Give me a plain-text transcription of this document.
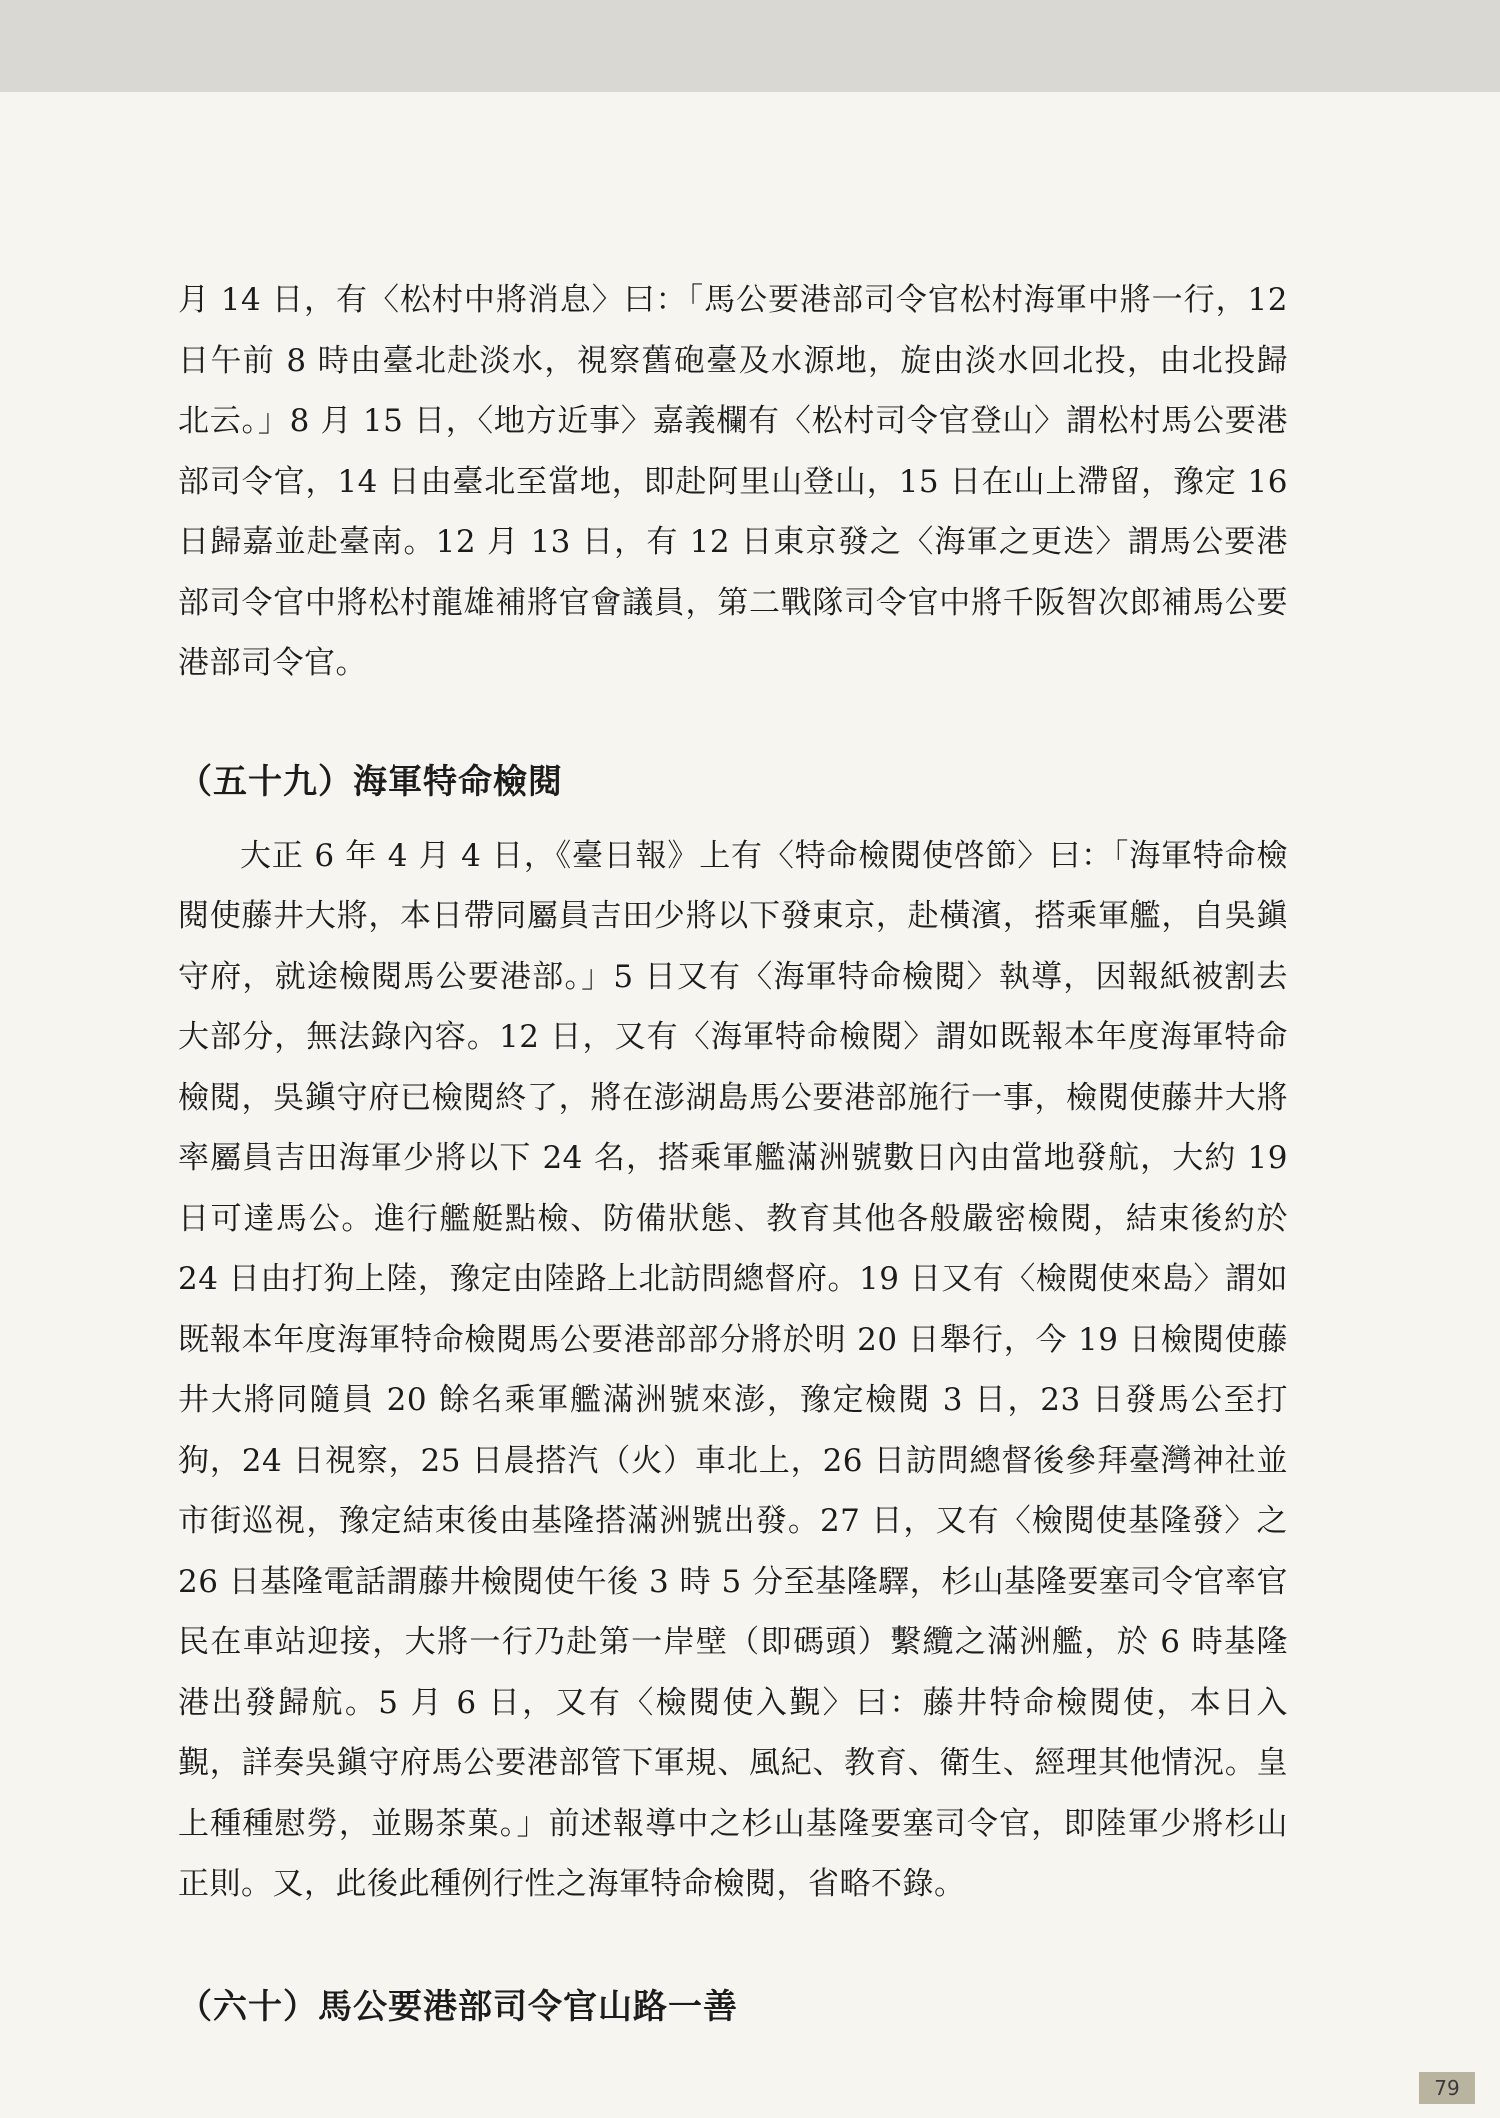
月 14 日，有〈松村中將消息〉曰：「馬公要港部司令官松村海軍中將一行，12 日午前 8 時由臺北赴淡水，視察舊砲臺及水源地，旋由淡水回北投，由北投歸北云。」8 月 15 日，〈地方近事〉嘉義欄有〈松村司令官登山〉謂松村馬公要港部司令官，14 日由臺北至當地，即赴阿里山登山，15 日在山上滯留，豫定 16 日歸嘉並赴臺南。12 月 13 日，有 12 日東京發之〈海軍之更迭〉謂馬公要港部司令官中將松村龍雄補將官會議員，第二戰隊司令官中將千阪智次郎補馬公要港部司令官。

（五十九）海軍特命檢閱

大正 6 年 4 月 4 日，《臺日報》上有〈特命檢閱使啓節〉曰：「海軍特命檢閱使藤井大將，本日帶同屬員吉田少將以下發東京，赴橫濱，搭乘軍艦，自吳鎭守府，就途檢閱馬公要港部。」5 日又有〈海軍特命檢閱〉執導，因報紙被割去大部分，無法錄內容。12 日，又有〈海軍特命檢閱〉謂如既報本年度海軍特命檢閱，吳鎭守府已檢閱終了，將在澎湖島馬公要港部施行一事，檢閱使藤井大將率屬員吉田海軍少將以下 24 名，搭乘軍艦滿洲號數日內由當地發航，大約 19 日可達馬公。進行艦艇點檢、防備狀態、教育其他各般嚴密檢閱，結束後約於 24 日由打狗上陸，豫定由陸路上北訪問總督府。19 日又有〈檢閱使來島〉謂如既報本年度海軍特命檢閱馬公要港部部分將於明 20 日舉行，今 19 日檢閱使藤井大將同隨員 20 餘名乘軍艦滿洲號來澎，豫定檢閱 3 日，23 日發馬公至打狗，24 日視察，25 日晨搭汽（火）車北上，26 日訪問總督後參拜臺灣神社並市街巡視，豫定結束後由基隆搭滿洲號出發。27 日，又有〈檢閱使基隆發〉之 26 日基隆電話謂藤井檢閱使午後 3 時 5 分至基隆驛，杉山基隆要塞司令官率官民在車站迎接，大將一行乃赴第一岸壁（即碼頭）繫纜之滿洲艦，於 6 時基隆港出發歸航。5 月 6 日，又有〈檢閱使入覲〉曰：藤井特命檢閱使，本日入覲，詳奏吳鎭守府馬公要港部管下軍規、風紀、教育、衛生、經理其他情況。皇上種種慰勞，並賜茶菓。」前述報導中之杉山基隆要塞司令官，即陸軍少將杉山正則。又，此後此種例行性之海軍特命檢閱，省略不錄。

（六十）馬公要港部司令官山路一善
79
